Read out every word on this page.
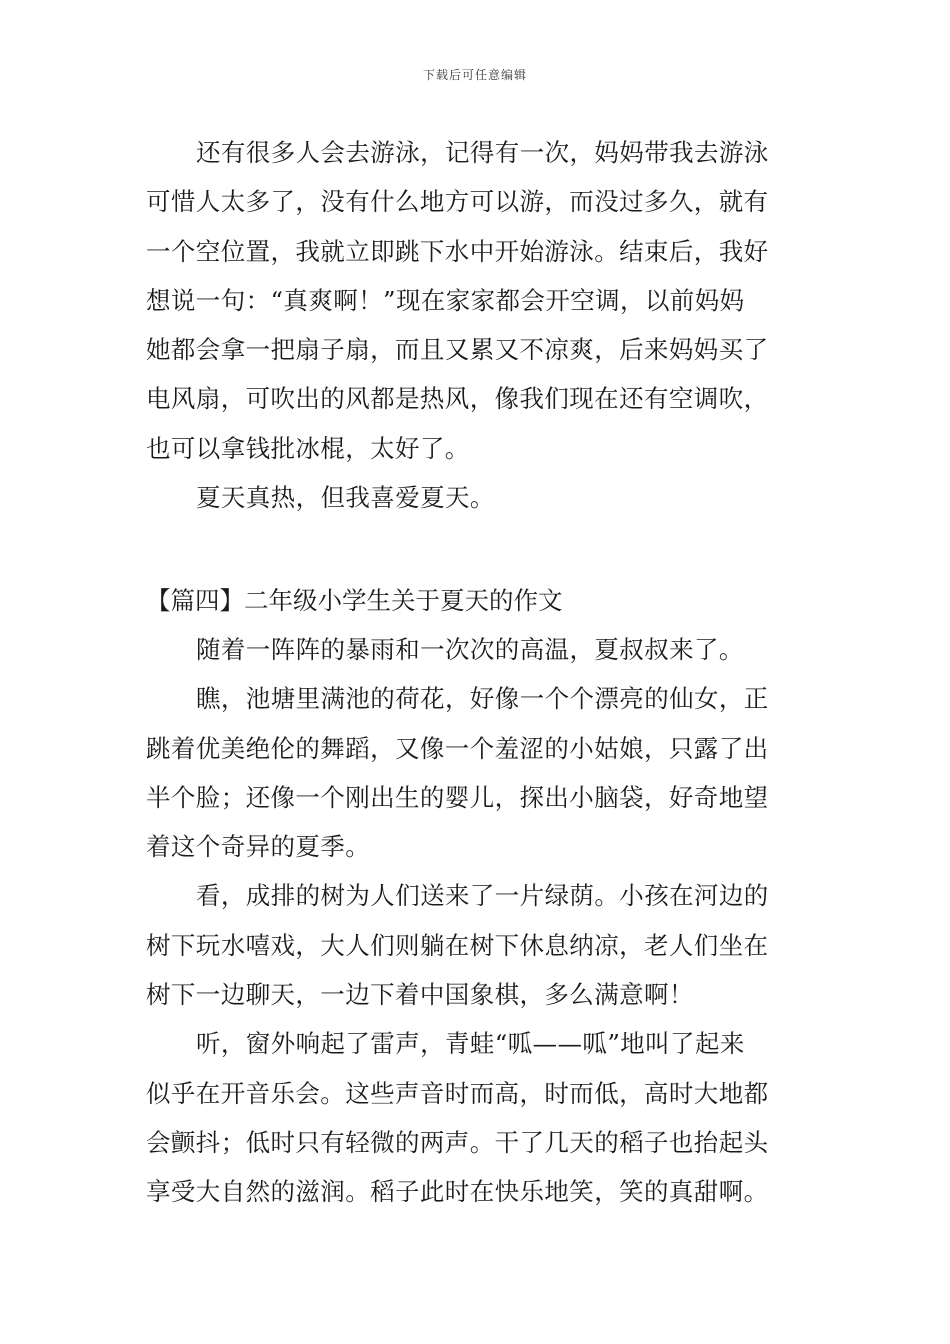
下载后可任意编辑
还有很多人会去游泳，记得有一次，妈妈带我去游泳
可惜人太多了，没有什么地方可以游，而没过多久，就有
一个空位置，我就立即跳下水中开始游泳。结束后，我好
想说一句：“真爽啊！”现在家家都会开空调，以前妈妈
她都会拿一把扇子扇，而且又累又不凉爽，后来妈妈买了
电风扇，可吹出的风都是热风，像我们现在还有空调吹，
也可以拿钱批冰棍，太好了。
夏天真热，但我喜爱夏天。
【篇四】二年级小学生关于夏天的作文
随着一阵阵的暴雨和一次次的高温，夏叔叔来了。
瞧，池塘里满池的荷花，好像一个个漂亮的仙女，正
跳着优美绝伦的舞蹈，又像一个羞涩的小姑娘，只露了出
半个脸；还像一个刚出生的婴儿，探出小脑袋，好奇地望
着这个奇异的夏季。
看，成排的树为人们送来了一片绿荫。小孩在河边的
树下玩水嘻戏，大人们则躺在树下休息纳凉，老人们坐在
树下一边聊天，一边下着中国象棋，多么满意啊！
听，窗外响起了雷声，青蛙“呱——呱”地叫了起来
似乎在开音乐会。这些声音时而高，时而低，高时大地都
会颤抖；低时只有轻微的两声。干了几天的稻子也抬起头
享受大自然的滋润。稻子此时在快乐地笑，笑的真甜啊。
